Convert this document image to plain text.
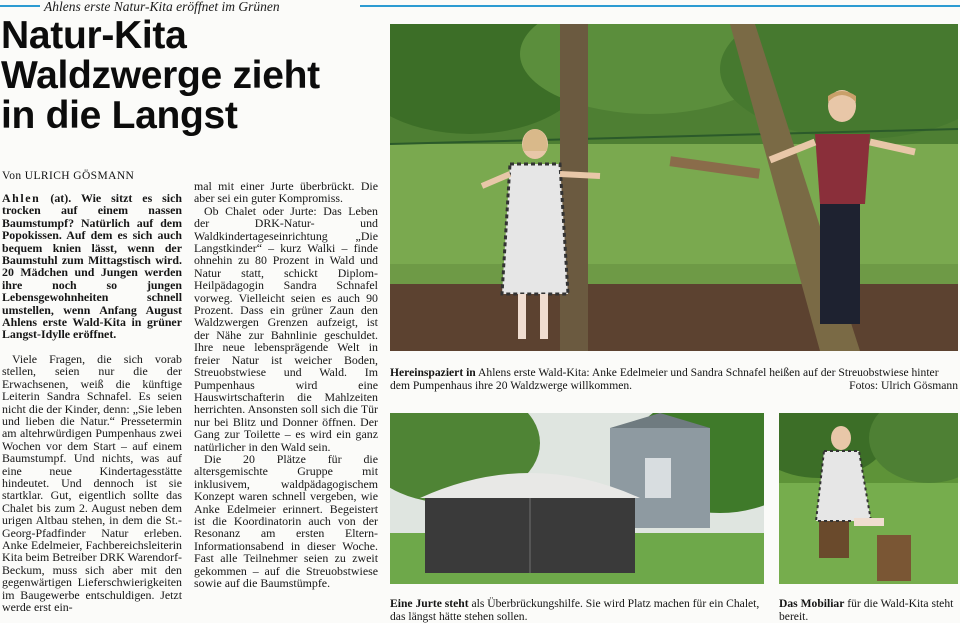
Ahlens erste Natur-Kita eröffnet im Grünen
Natur-Kita
Waldzwerge zieht
in die Langst
Von ULRICH GÖSMANN

Ahlen (at). Wie sitzt es sich trocken auf einem nassen Baumstumpf? Natürlich auf dem Popokissen. Auf dem es sich auch bequem knien lässt, wenn der Baumstuhl zum Mittagstisch wird. 20 Mädchen und Jungen werden ihre noch so jungen Lebensgewohnheiten schnell umstellen, wenn Anfang August Ahlens erste Wald-Kita in grüner Langst-Idylle eröffnet.

Viele Fragen, die sich vorab stellen, seien nur die der Erwachsenen, weiß die künftige Leiterin Sandra Schnafel. Es seien nicht die der Kinder, denn: „Sie leben und lieben die Natur.“ Pressetermin am altehrwürdigen Pumpenhaus zwei Wochen vor dem Start – auf einem Baumstumpf. Und nichts, was auf eine neue Kindertagesstätte hindeutet. Und dennoch ist sie startklar. Gut, eigentlich sollte das Chalet bis zum 2. August neben dem urigen Altbau stehen, in dem die St.-Georg-Pfadfinder Natur erleben. Anke Edelmeier, Fachbereichsleiterin Kita beim Betreiber DRK Warendorf-Beckum, muss sich aber mit den gegenwärtigen Lieferschwierigkeiten im Baugewerbe entschuldigen. Jetzt werde erst ein-

mal mit einer Jurte überbrückt. Die aber sei ein guter Kompromiss.

Ob Chalet oder Jurte: Das Leben der DRK-Natur- und Waldkindertageseinrichtung „Die Langstkinder“ – kurz Walki – finde ohnehin zu 80 Prozent in Wald und Natur statt, schickt Diplom-Heilpädagogin Sandra Schnafel vorweg. Vielleicht seien es auch 90 Prozent. Dass ein grüner Zaun den Waldzwergen Grenzen aufzeigt, ist der Nähe zur Bahnlinie geschuldet. Ihre neue lebensprägende Welt in freier Natur ist weicher Boden, Streuobstwiese und Wald. Im Pumpenhaus wird eine Hauswirtschafterin die Mahlzeiten herrichten. Ansonsten soll sich die Tür nur bei Blitz und Donner öffnen. Der Gang zur Toilette – es wird ein ganz natürlicher in den Wald sein.

Die 20 Plätze für die altersgemischte Gruppe mit inklusivem, waldpädagogischem Konzept waren schnell vergeben, wie Anke Edelmeier erinnert. Begeistert ist die Koordinatorin auch von der Resonanz am ersten Eltern-Informationsabend in dieser Woche. Fast alle Teilnehmer seien zu zweit gekommen – auf die Streuobstwiese sowie auf die Baumstümpfe.

Hereinspaziert in Ahlens erste Wald-Kita: Anke Edelmeier und Sandra Schnafel heißen auf der Streuobstwiese hinter dem Pumpenhaus ihre 20 Waldzwerge willkommen.	Fotos: Ulrich Gösmann
Eine Jurte steht als Überbrückungshilfe. Sie wird Platz machen für ein Chalet, das längst hätte stehen sollen.
Das Mobiliar für die Wald-Kita steht bereit.
